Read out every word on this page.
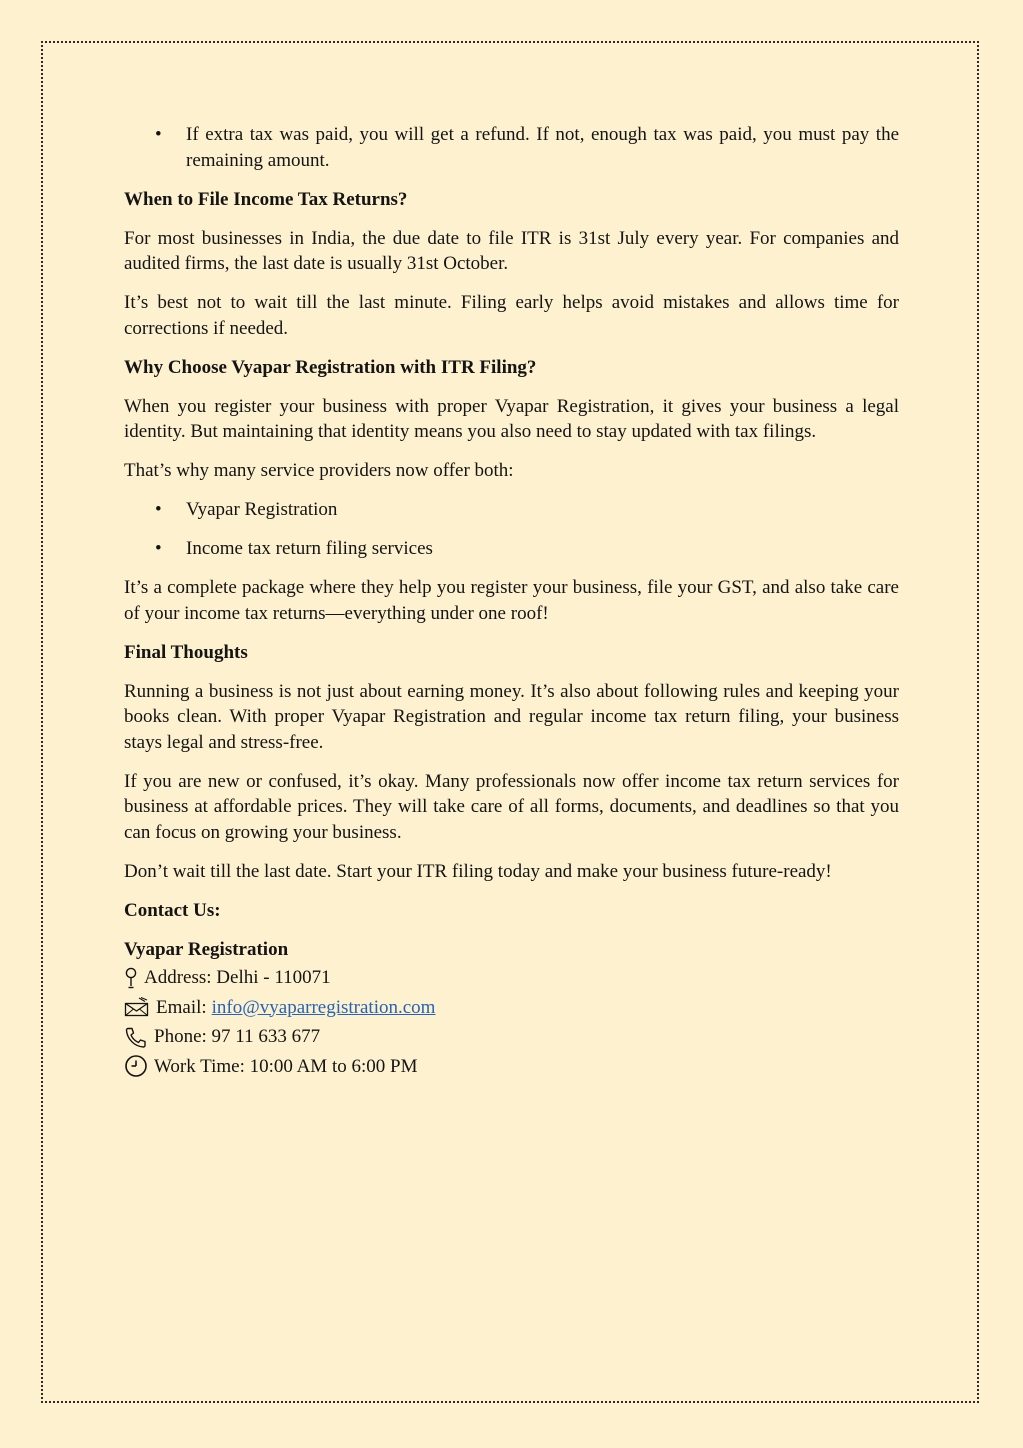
• If extra tax was paid, you will get a refund. If not, enough tax was paid, you must pay the remaining amount.
When to File Income Tax Returns?

For most businesses in India, the due date to file ITR is 31st July every year. For companies and audited firms, the last date is usually 31st October.

It’s best not to wait till the last minute. Filing early helps avoid mistakes and allows time for corrections if needed.

Why Choose Vyapar Registration with ITR Filing?

When you register your business with proper Vyapar Registration, it gives your business a legal identity. But maintaining that identity means you also need to stay updated with tax filings.

That’s why many service providers now offer both:

• Vyapar Registration
• Income tax return filing services

It’s a complete package where they help you register your business, file your GST, and also take care of your income tax returns—everything under one roof!

Final Thoughts

Running a business is not just about earning money. It’s also about following rules and keeping your books clean. With proper Vyapar Registration and regular income tax return filing, your business stays legal and stress-free.

If you are new or confused, it’s okay. Many professionals now offer income tax return services for business at affordable prices. They will take care of all forms, documents, and deadlines so that you can focus on growing your business.

Don’t wait till the last date. Start your ITR filing today and make your business future-ready!

Contact Us:
Vyapar Registration
Address: Delhi - 110071
Email: info@vyaparregistration.com
Phone: 97 11 633 677
Work Time: 10:00 AM to 6:00 PM
